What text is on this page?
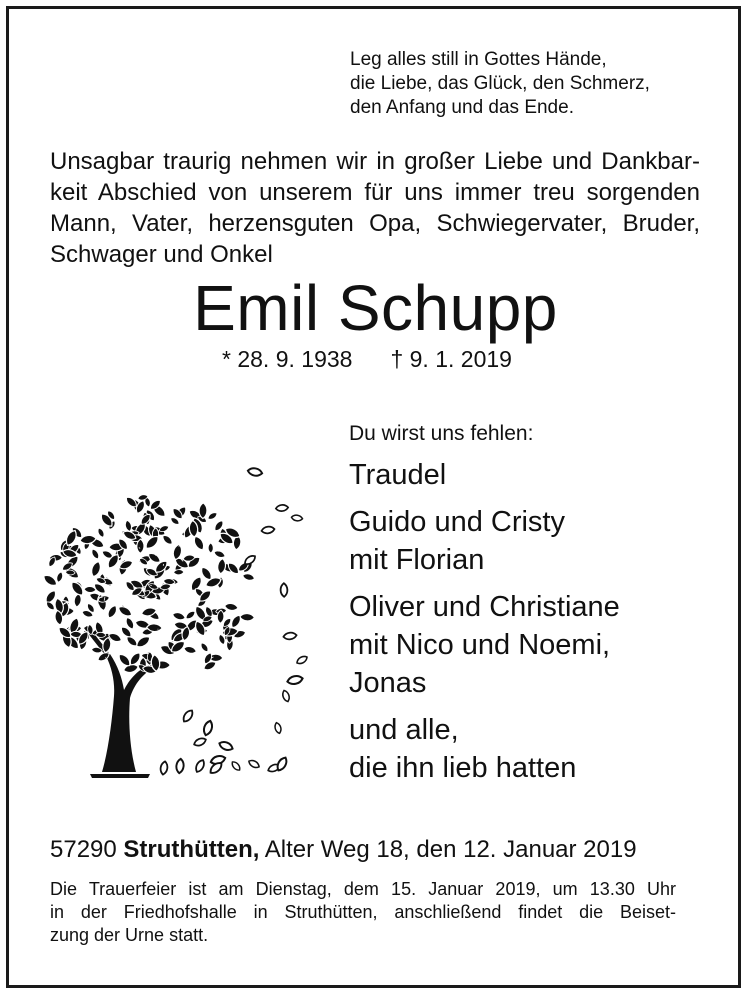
Leg alles still in Gottes Hände,
die Liebe, das Glück, den Schmerz,
den Anfang und das Ende.
Unsagbar traurig nehmen wir in großer Liebe und Dankbar-
keit Abschied von unserem für uns immer treu sorgenden
Mann, Vater, herzensguten Opa, Schwiegervater, Bruder,
Schwager und Onkel
Emil Schupp
* 28. 9. 1938 † 9. 1. 2019
Du wirst uns fehlen:
Traudel
Guido und Cristy
mit Florian
Oliver und Christiane
mit Nico und Noemi,
Jonas
und alle,
die ihn lieb hatten
57290 Struthütten, Alter Weg 18, den 12. Januar 2019
Die Trauerfeier ist am Dienstag, dem 15. Januar 2019, um 13.30 Uhr
in der Friedhofshalle in Struthütten, anschließend findet die Beiset-
zung der Urne statt.
